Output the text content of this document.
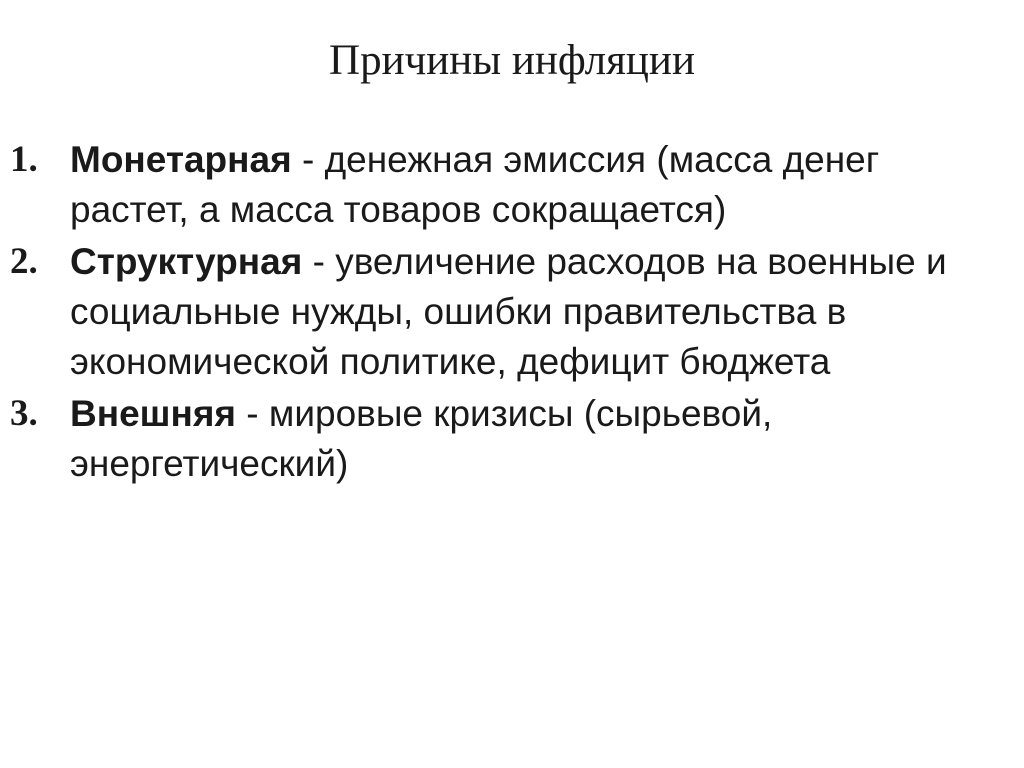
Причины инфляции
1. Монетарная - денежная эмиссия (масса денег растет, а масса товаров сокращается)
2. Структурная - увеличение расходов на военные и социальные нужды, ошибки правительства в экономической политике, дефицит бюджета
3. Внешняя - мировые кризисы (сырьевой, энергетический)
